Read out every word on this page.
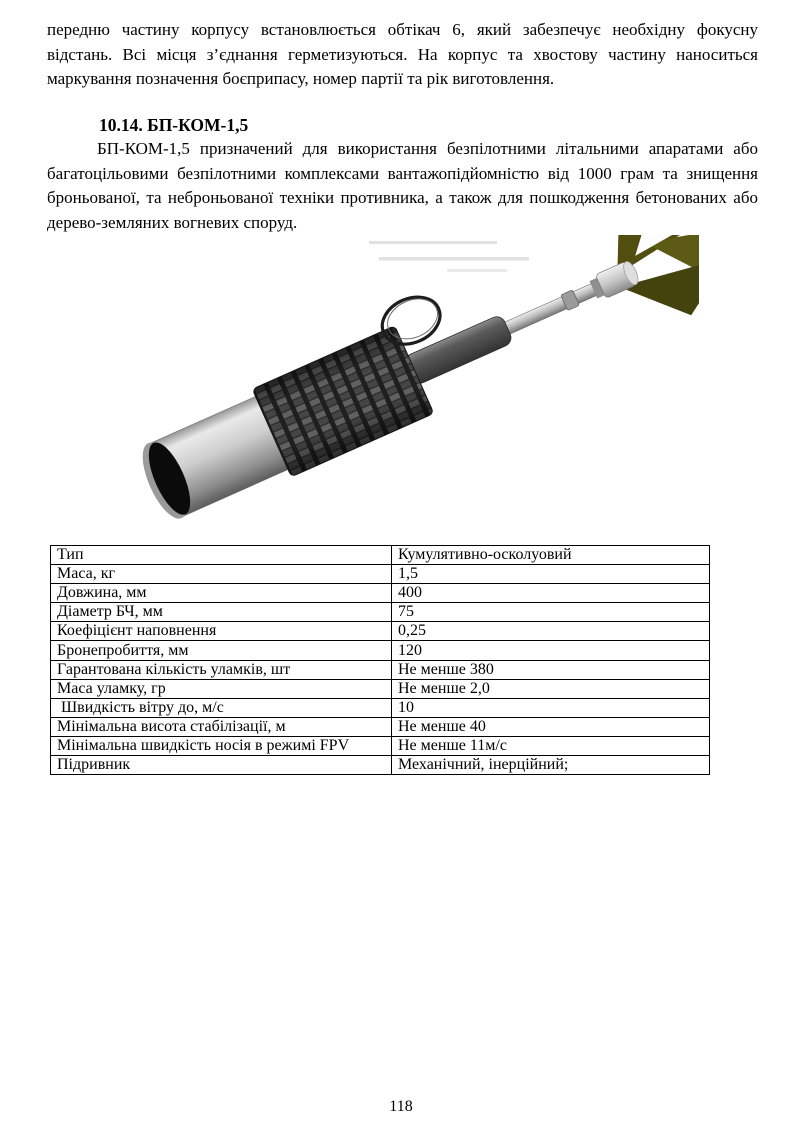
передню частину корпусу встановлюється обтікач 6, який забезпечує необхідну фокусну відстань. Всі місця з’єднання герметизуються. На корпус та хвостову частину наноситься маркування позначення боєприпасу, номер партії та рік виготовлення.

10.14. БП-КОМ-1,5

БП-КОМ-1,5 призначений для використання безпілотними літальними апаратами або багатоцільовими безпілотними комплексами вантажопідйомністю від 1000 грам та знищення броньованої, та неброньованої техніки противника, а також для пошкодження бетонованих або дерево-земляних вогневих споруд.

Тип	Кумулятивно-осколуовий
Маса, кг	1,5
Довжина, мм	400
Діаметр БЧ, мм	75
Коефіцієнт наповнення	0,25
Бронепробиття, мм	120
Гарантована кількість уламків, шт	Не менше 380
Маса уламку, гр	Не менше 2,0
Швидкість вітру до, м/с	10
Мінімальна висота стабілізації, м	Не менше 40
Мінімальна швидкість носія в режимі FPV	Не менше 11м/с
Підривник	Механічний, інерційний;
118
